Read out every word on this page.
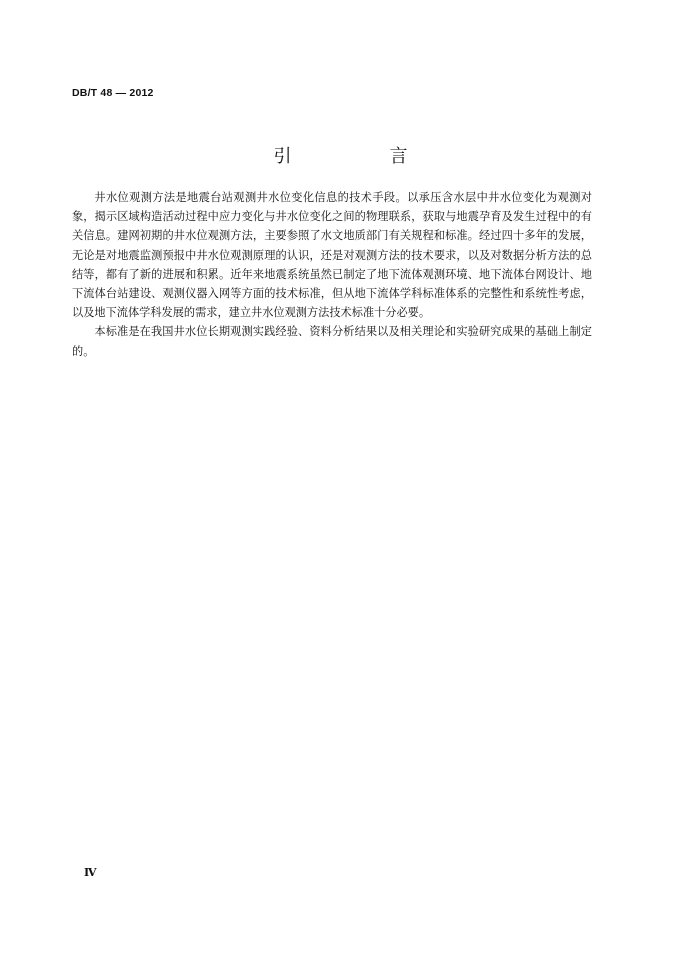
DB/T 48 — 2012
引　言

井水位观测方法是地震台站观测井水位变化信息的技术手段。以承压含水层中井水位变化为观测对象，揭示区域构造活动过程中应力变化与井水位变化之间的物理联系，获取与地震孕育及发生过程中的有关信息。建网初期的井水位观测方法，主要参照了水文地质部门有关规程和标准。经过四十多年的发展，无论是对地震监测预报中井水位观测原理的认识，还是对观测方法的技术要求，以及对数据分析方法的总结等，都有了新的进展和积累。近年来地震系统虽然已制定了地下流体观测环境、地下流体台网设计、地下流体台站建设、观测仪器入网等方面的技术标准，但从地下流体学科标准体系的完整性和系统性考虑，以及地下流体学科发展的需求，建立井水位观测方法技术标准十分必要。

本标准是在我国井水位长期观测实践经验、资料分析结果以及相关理论和实验研究成果的基础上制定的。

Ⅳ
